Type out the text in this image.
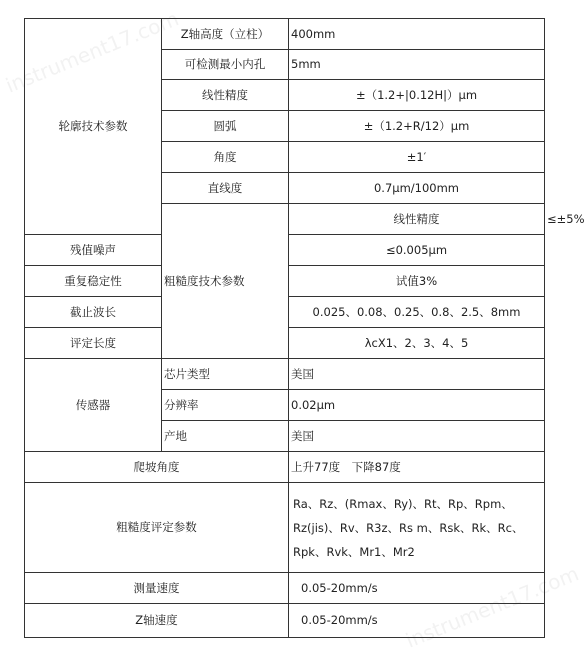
instrument17.com
instrument17.com
轮廓技术参数	Z轴高度（立柱）	400mm	
	可检测最小内孔	5mm	
	线性精度	±（1.2+|0.12H|）μm	
	圆弧	±（1.2+R/12）μm	
	角度	±1′	
	直线度	0.7μm/100mm	
	粗糙度技术参数	线性精度	≤±5%
残值噪声		≤0.005μm	
重复稳定性		试值3%	
截止波长		0.025、0.08、0.25、0.8、2.5、8mm	
评定长度		λcX1、2、3、4、5	
传感器	芯片类型	美国	
	分辨率	0.02μm	
	产地	美国	
爬坡角度		上升77度　下降87度	
粗糙度评定参数		Ra、Rz、(Rmax、Ry)、Rt、Rp、Rpm、Rz(jis)、Rv、R3z、Rs m、Rsk、Rk、Rc、Rpk、Rvk、Mr1、Mr2	
测量速度		0.05-20mm/s	
Z轴速度		0.05-20mm/s	
